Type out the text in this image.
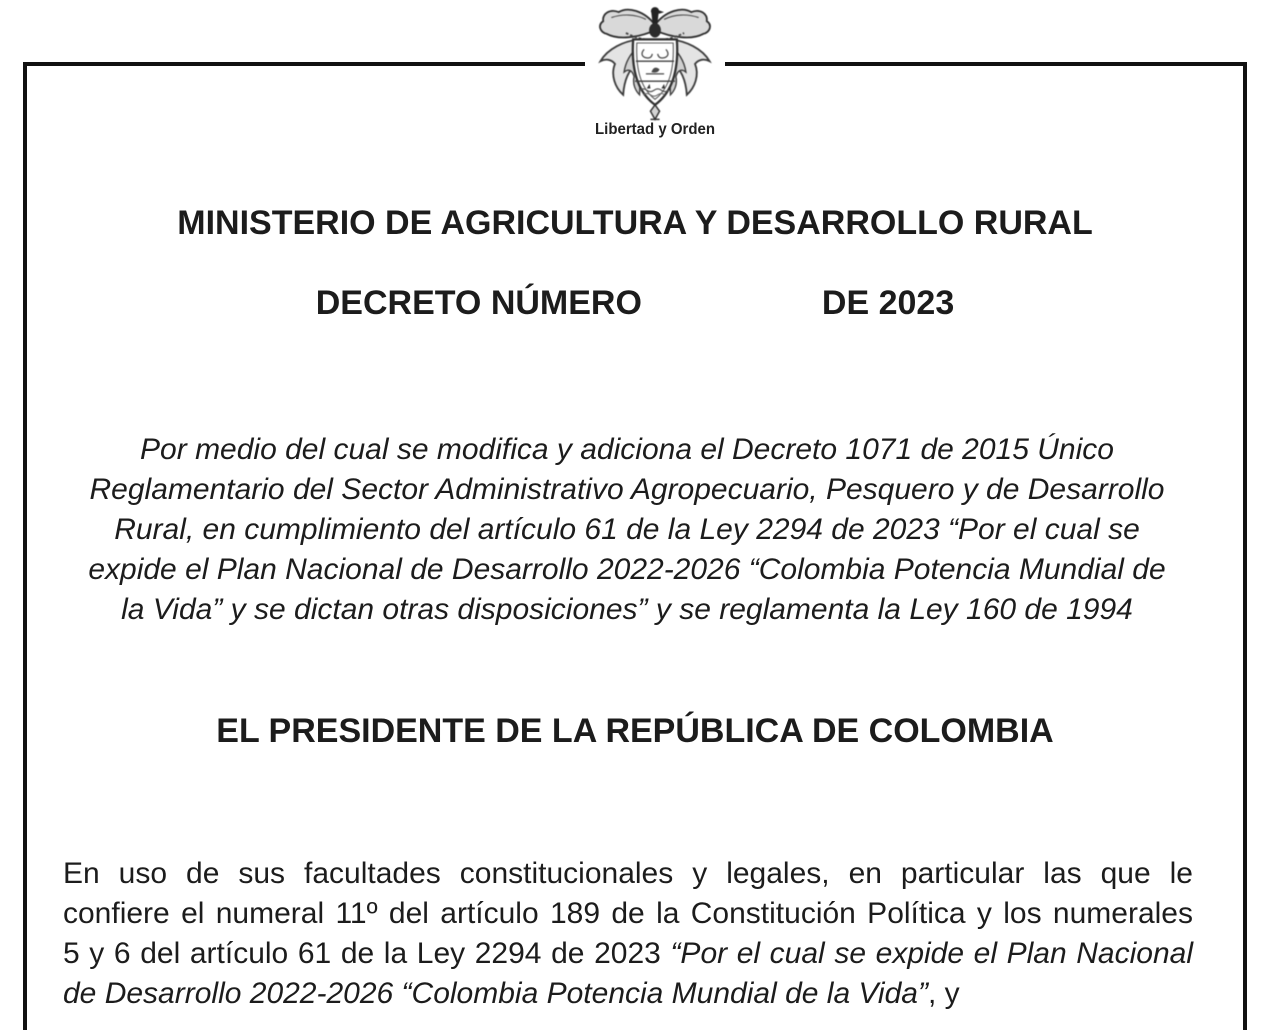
Libertad y Orden
MINISTERIO DE AGRICULTURA Y DESARROLLO RURAL
DECRETO NÚMERO	DE 2023
Por medio del cual se modifica y adiciona el Decreto 1071 de 2015 Único
Reglamentario del Sector Administrativo Agropecuario, Pesquero y de Desarrollo
Rural, en cumplimiento del artículo 61 de la Ley 2294 de 2023 “Por el cual se
expide el Plan Nacional de Desarrollo 2022-2026 “Colombia Potencia Mundial de
la Vida” y se dictan otras disposiciones” y se reglamenta la Ley 160 de 1994
EL PRESIDENTE DE LA REPÚBLICA DE COLOMBIA
En uso de sus facultades constitucionales y legales, en particular las que le
confiere el numeral 11º del artículo 189 de la Constitución Política y los numerales
5 y 6 del artículo 61 de la Ley 2294 de 2023 “Por el cual se expide el Plan Nacional
de Desarrollo 2022-2026 “Colombia Potencia Mundial de la Vida”, y
